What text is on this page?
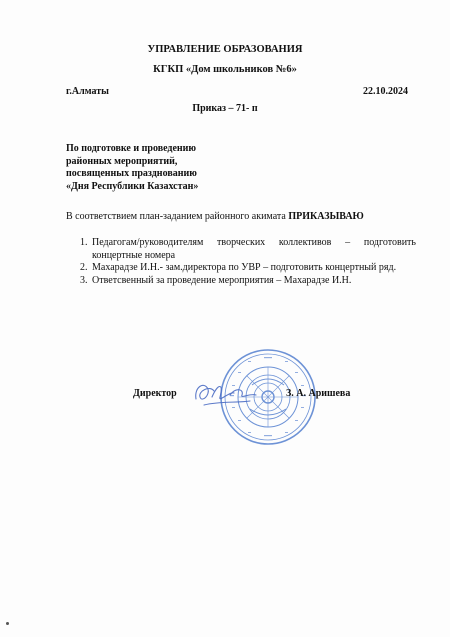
УПРАВЛЕНИЕ ОБРАЗОВАНИЯ
КГКП «Дом школьников №6»
г.Алматы	22.10.2024
Приказ – 71- п
По подготовке и проведению
районных мероприятий,
посвященных празднованию
«Дня Республики Казахстан»
В соответствием план-заданием районного акимата ПРИКАЗЫВАЮ
1. Педагогам/руководителям творческих коллективов – подготовить концертные номера
2. Махарадзе И.Н.- зам.директора по УВР – подготовить концертный ряд.
3. Ответсвенный за проведение мероприятия – Махарадзе И.Н.
Директор	З. А. Аришева
